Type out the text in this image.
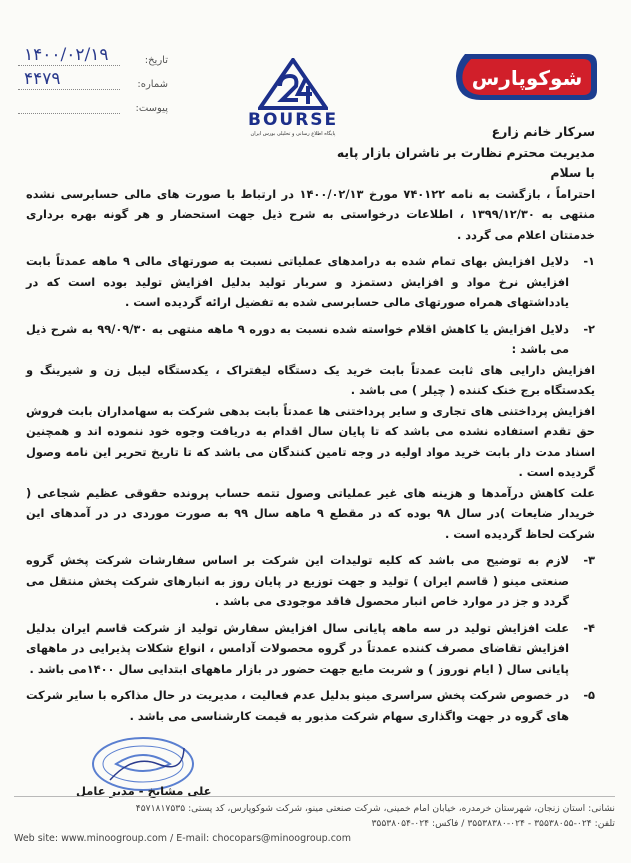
تاریخ:
۱۴۰۰/۰۲/۱۹
شماره:
۴۴۷۹
پیوست:
BOURSE
پایگاه اطلاع رسانی و تحلیلی بورس ایران
شوکوپارس

سرکار خانم زارع

مدیریت محترم نظارت بر ناشران بازار پایه

با سلام

احتراماً ، بازگشت به نامه ۷۴۰۱۲۲ مورخ ۱۴۰۰/۰۲/۱۳ در ارتباط با صورت های مالی حسابرسی نشده منتهی به ۱۳۹۹/۱۲/۳۰ ، اطلاعات درخواستی به شرح ذیل جهت استحضار و هر گونه بهره برداری خدمتتان اعلام می گردد .

۱-
دلایل افزایش بهای تمام شده به درامدهای عملیاتی نسبت به صورتهای مالی ۹ ماهه عمدتاً بابت افزایش نرخ مواد و افزایش دستمزد و سربار تولید بدلیل افزایش تولید بوده است که در یادداشتهای همراه صورتهای مالی حسابرسی شده به تفضیل ارائه گردیده است .
۲-
دلایل افزایش یا کاهش اقلام خواسته شده نسبت به دوره ۹ ماهه منتهی به ۹۹/۰۹/۳۰ به شرح ذیل می باشد :

افزایش دارایی های ثابت عمدتاً بابت خرید یک دستگاه لیفتراک ، یکدستگاه لیبل زن و شیرینگ و یکدستگاه برج خنک کننده ( چیلر ) می باشد .

افزایش پرداختنی های تجاری و سایر پرداختنی ها عمدتاً بابت بدهی شرکت به سهامداران بابت فروش حق تقدم استفاده نشده می باشد که تا پایان سال اقدام به دریافت وجوه خود ننموده اند و همچنین اسناد مدت دار بابت خرید مواد اولیه در وجه تامین کنندگان می باشد که تا تاریخ تحریر این نامه وصول گردیده است .

علت کاهش درآمدها و هزینه های غیر عملیاتی وصول تتمه حساب پرونده حقوقی عظیم شجاعی ( خریدار ضایعات )در سال ۹۸ بوده که در مقطع ۹ ماهه سال ۹۹ به صورت موردی در در آمدهای این شرکت لحاظ گردیده است .

۳-
لازم به توضیح می باشد که کلیه تولیدات این شرکت بر اساس سفارشات شرکت پخش گروه صنعتی مینو ( قاسم ایران ) تولید و جهت توزیع در پایان روز به انبارهای شرکت پخش منتقل می گردد و جز در موارد خاص انبار محصول فاقد موجودی می باشد .
۴-
علت افزایش تولید در سه ماهه پایانی سال افزایش سفارش تولید از شرکت قاسم ایران بدلیل افزایش تقاضای مصرف کننده عمدتاً در گروه محصولات آدامس ، انواع شکلات پذیرایی در ماههای پایانی سال ( ایام نوروز ) و شربت مایع جهت حضور در بازار ماههای ابتدایی سال ۱۴۰۰می باشد .
۵-
در خصوص شرکت پخش سراسری مینو بدلیل عدم فعالیت ، مدیریت در حال مذاکره با سایر شرکت های گروه در جهت واگذاری سهام شرکت مذبور به قیمت کارشناسی می باشد .
علی مشایخ - مدیر عامل
نشانی: استان زنجان، شهرستان خرمدره، خیابان امام خمینی، شرکت صنعتی مینو، شرکت شوکوپارس، کد پستی: ۴۵۷۱۸۱۷۵۳۵
تلفن: ۰۲۴-۳۵۵۳۸۰۵۵ - ۰۲۴-۳۵۵۳۸۳۸۰ / فاکس: ۰۲۴-۳۵۵۳۸۰۵۴
Web site: www.minoogroup.com / E-mail: chocopars@minoogroup.com
